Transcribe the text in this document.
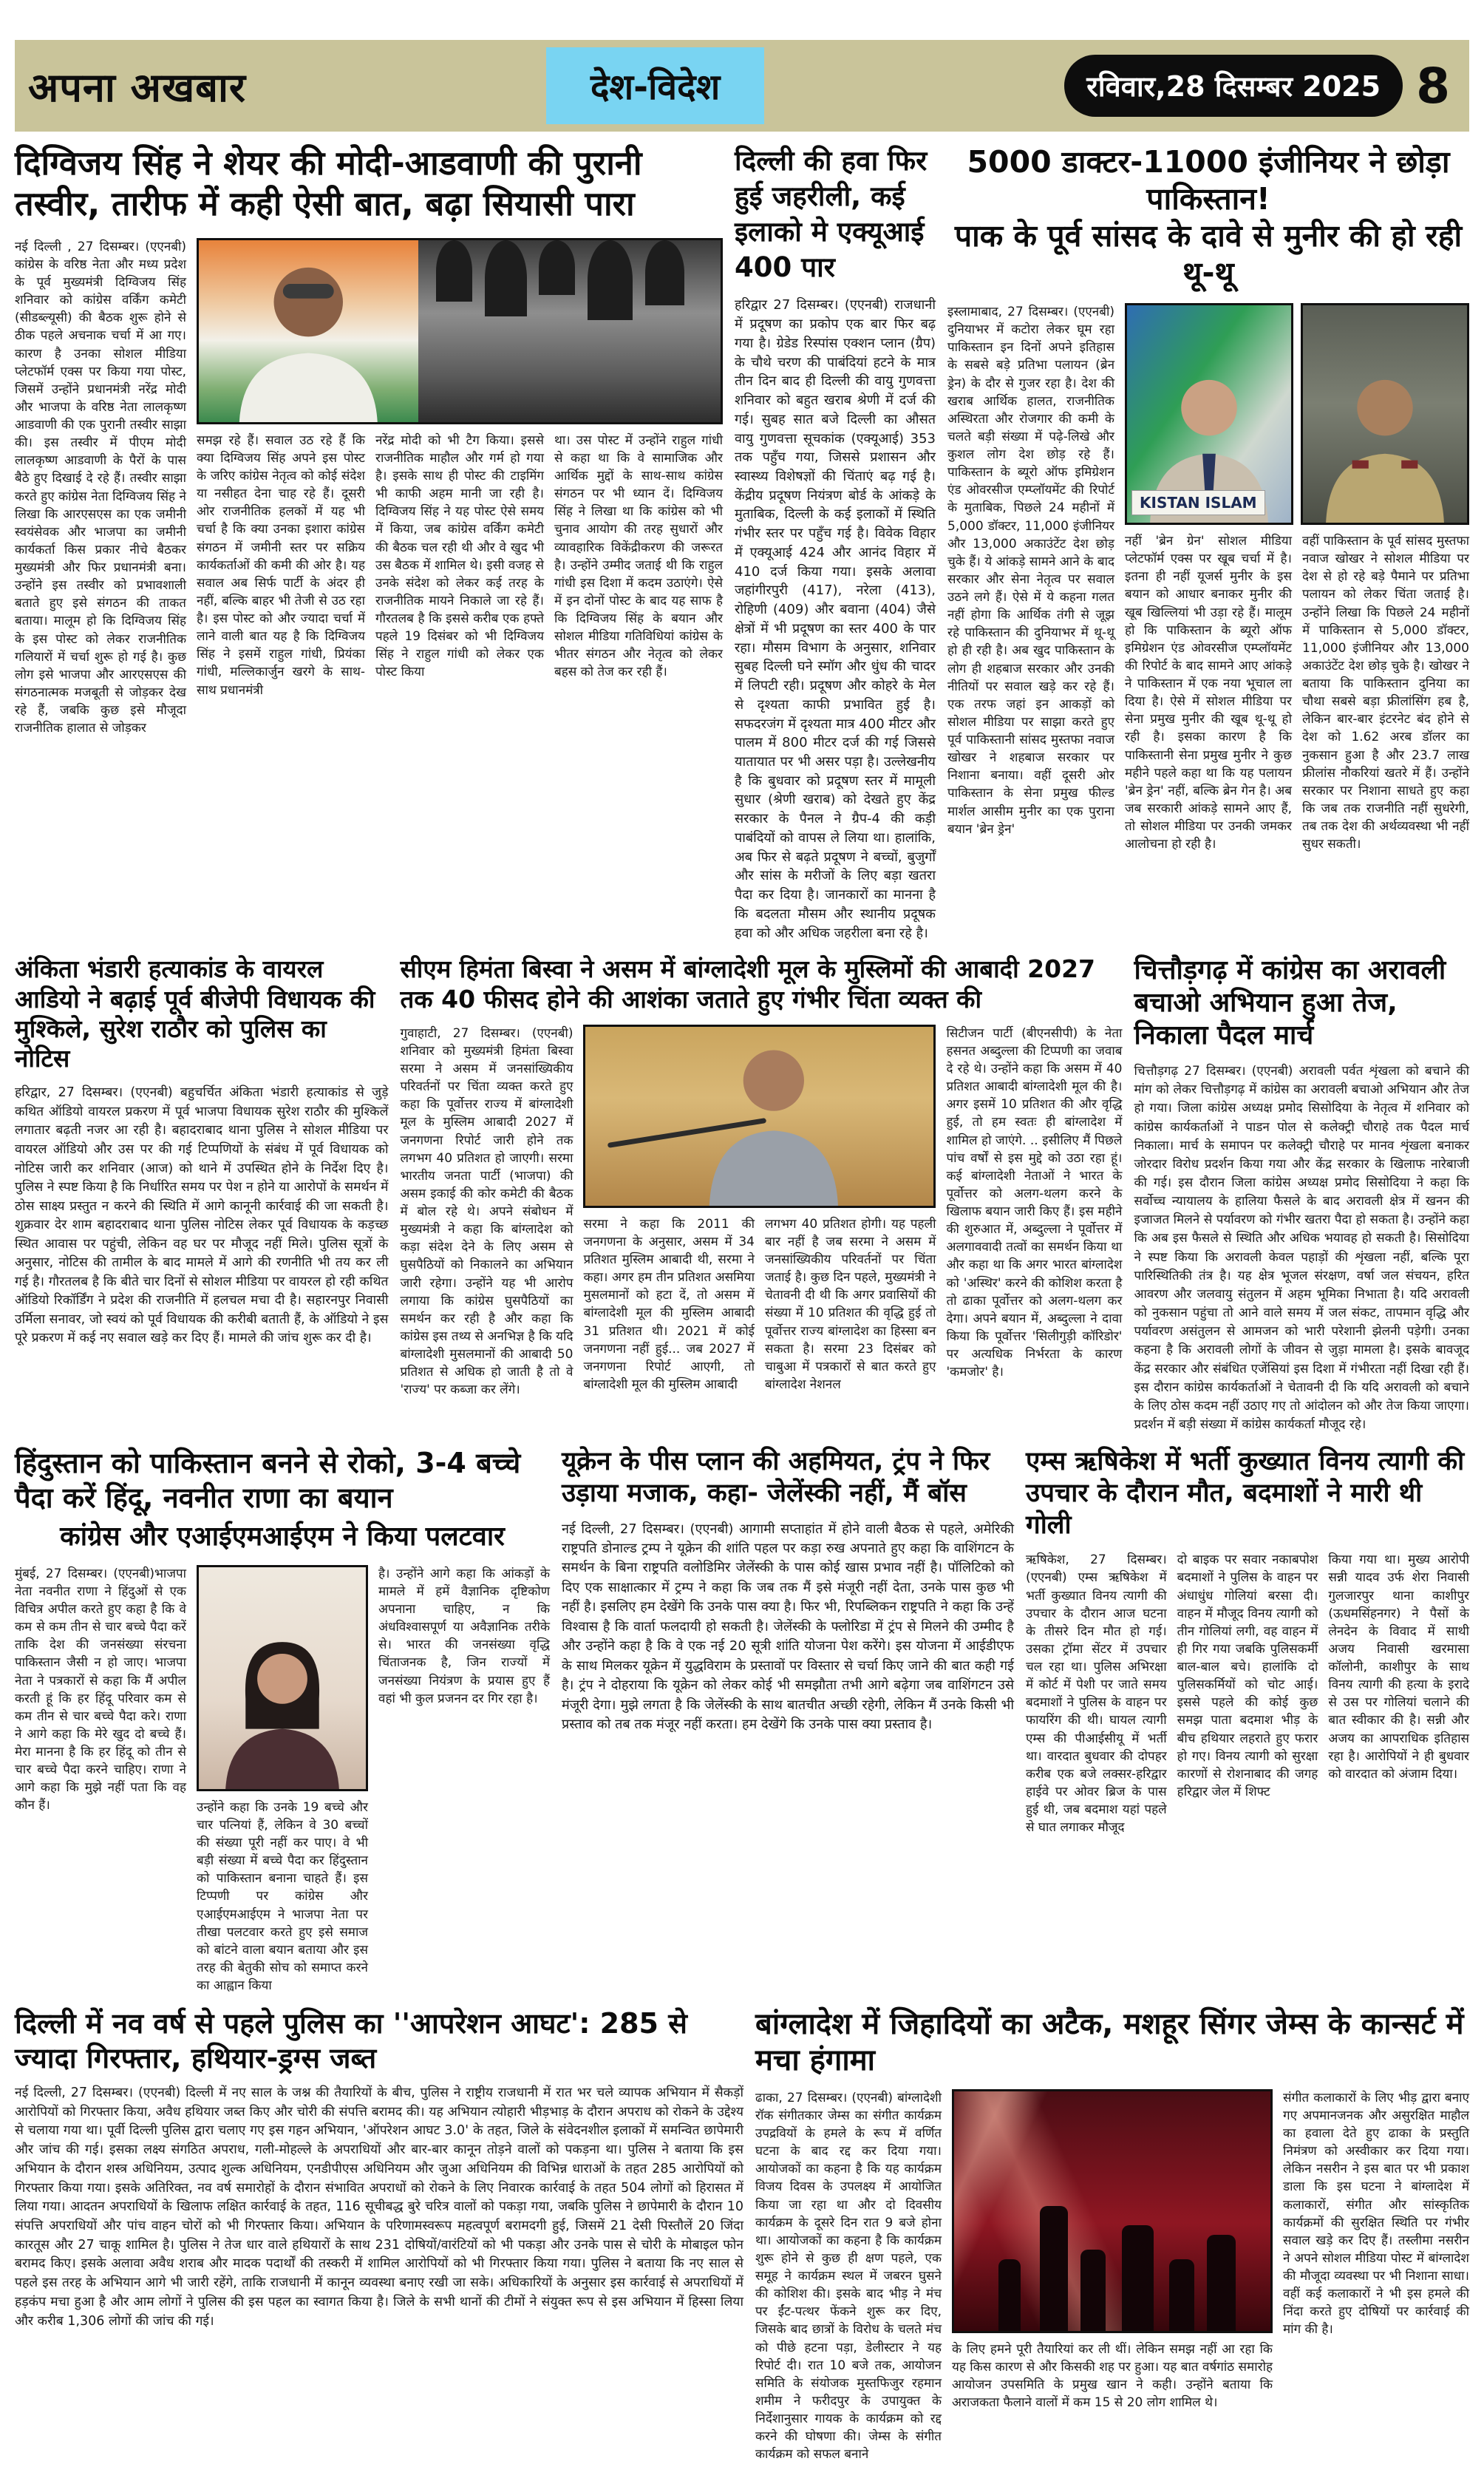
अपना अखबार	देश-विदेश	रविवार,28 दिसम्बर 2025 8
दिग्विजय सिंह ने शेयर की मोदी-आडवाणी की पुरानी तस्वीर, तारीफ में कही ऐसी बात, बढ़ा सियासी पारा
नई दिल्ली , 27 दिसम्बर। (एएनबी) कांग्रेस के वरिष्ठ नेता और मध्य प्रदेश के पूर्व मुख्यमंत्री दिग्विजय सिंह शनिवार को कांग्रेस वर्किंग कमेटी (सीडब्ल्यूसी) की बैठक शुरू होने से ठीक पहले अचनाक चर्चा में आ गए। कारण है उनका सोशल मीडिया प्लेटफॉर्म एक्स पर किया गया पोस्ट, जिसमें उन्होंने प्रधानमंत्री नरेंद्र मोदी और भाजपा के वरिष्ठ नेता लालकृष्ण आडवाणी की एक पुरानी तस्वीर साझा की। इस तस्वीर में पीएम मोदी लालकृष्ण आडवाणी के पैरों के पास बैठे हुए दिखाई दे रहे हैं। तस्वीर साझा करते हुए कांग्रेस नेता दिग्विजय सिंह ने लिखा कि आरएसएस का एक जमीनी स्वयंसेवक और भाजपा का जमीनी कार्यकर्ता किस प्रकार नीचे बैठकर मुख्यमंत्री और फिर प्रधानमंत्री बना। उन्होंने इस तस्वीर को प्रभावशाली बताते हुए इसे संगठन की ताकत बताया। मालूम हो कि दिग्विजय सिंह के इस पोस्ट को लेकर राजनीतिक गलियारों में चर्चा शुरू हो गई है। कुछ लोग इसे भाजपा और आरएसएस की संगठनात्मक मजबूती से जोड़कर देख रहे हैं, जबकि कुछ इसे मौजूदा राजनीतिक हालात से जोड़कर
समझ रहे हैं। सवाल उठ रहे हैं कि क्या दिग्विजय सिंह अपने इस पोस्ट के जरिए कांग्रेस नेतृत्व को कोई संदेश या नसीहत देना चाह रहे हैं। दूसरी ओर राजनीतिक हलकों में यह भी चर्चा है कि क्या उनका इशारा कांग्रेस संगठन में जमीनी स्तर पर सक्रिय कार्यकर्ताओं की कमी की ओर है। यह सवाल अब सिर्फ पार्टी के अंदर ही नहीं, बल्कि बाहर भी तेजी से उठ रहा है। इस पोस्ट को और ज्यादा चर्चा में लाने वाली बात यह है कि दिग्विजय सिंह ने इसमें राहुल गांधी, प्रियंका गांधी, मल्लिकार्जुन खरगे के साथ-साथ प्रधानमंत्री
नरेंद्र मोदी को भी टैग किया। इससे राजनीतिक माहौल और गर्म हो गया है। इसके साथ ही पोस्ट की टाइमिंग भी काफी अहम मानी जा रही है। दिग्विजय सिंह ने यह पोस्ट ऐसे समय में किया, जब कांग्रेस वर्किंग कमेटी की बैठक चल रही थी और वे खुद भी उस बैठक में शामिल थे। इसी वजह से उनके संदेश को लेकर कई तरह के राजनीतिक मायने निकाले जा रहे हैं। गौरतलब है कि इससे करीब एक हफ्ते पहले 19 दिसंबर को भी दिग्विजय सिंह ने राहुल गांधी को लेकर एक पोस्ट किया
था। उस पोस्ट में उन्होंने राहुल गांधी से कहा था कि वे सामाजिक और आर्थिक मुद्दों के साथ-साथ कांग्रेस संगठन पर भी ध्यान दें। दिग्विजय सिंह ने लिखा था कि कांग्रेस को भी चुनाव आयोग की तरह सुधारों और व्यावहारिक विकेंद्रीकरण की जरूरत है। उन्होंने उम्मीद जताई थी कि राहुल गांधी इस दिशा में कदम उठाएंगे। ऐसे में इन दोनों पोस्ट के बाद यह साफ है कि दिग्विजय सिंह के बयान और सोशल मीडिया गतिविधियां कांग्रेस के भीतर संगठन और नेतृत्व को लेकर बहस को तेज कर रही हैं।
दिल्ली की हवा फिर हुई जहरीली, कई इलाको मे एक्यूआई 400 पार
हरिद्वार 27 दिसम्बर। (एएनबी) राजधानी में प्रदूषण का प्रकोप एक बार फिर बढ़ गया है। ग्रेडेड रिस्पांस एक्शन प्लान (ग्रैप) के चौथे चरण की पाबंदियां हटने के मात्र तीन दिन बाद ही दिल्ली की वायु गुणवत्ता शनिवार को बहुत खराब श्रेणी में दर्ज की गई। सुबह सात बजे दिल्ली का औसत वायु गुणवत्ता सूचकांक (एक्यूआई) 353 तक पहुँच गया, जिससे प्रशासन और स्वास्थ्य विशेषज्ञों की चिंताएं बढ़ गई है। केंद्रीय प्रदूषण नियंत्रण बोर्ड के आंकड़े के मुताबिक, दिल्ली के कई इलाकों में स्थिति गंभीर स्तर पर पहुँच गई है। विवेक विहार में एक्यूआई 424 और आनंद विहार में 410 दर्ज किया गया। इसके अलावा जहांगीरपुरी (417), नरेला (413), रोहिणी (409) और बवाना (404) जैसे क्षेत्रों में भी प्रदूषण का स्तर 400 के पार रहा। मौसम विभाग के अनुसार, शनिवार सुबह दिल्ली घने स्मॉग और धुंध की चादर में लिपटी रही। प्रदूषण और कोहरे के मेल से दृश्यता काफी प्रभावित हुई है। सफदरजंग में दृश्यता मात्र 400 मीटर और पालम में 800 मीटर दर्ज की गई जिससे यातायात पर भी असर पड़ा है। उल्लेखनीय है कि बुधवार को प्रदूषण स्तर में मामूली सुधार (श्रेणी खराब) को देखते हुए केंद्र सरकार के पैनल ने ग्रैप-4 की कड़ी पाबंदियों को वापस ले लिया था। हालांकि, अब फिर से बढ़ते प्रदूषण ने बच्चों, बुजुर्गों और सांस के मरीजों के लिए बड़ा खतरा पैदा कर दिया है। जानकारों का मानना है कि बदलता मौसम और स्थानीय प्रदूषक हवा को और अधिक जहरीला बना रहे है।
5000 डाक्टर-11000 इंजीनियर ने छोड़ा पाकिस्तान!
पाक के पूर्व सांसद के दावे से मुनीर की हो रही थू-थू
इस्लामाबाद, 27 दिसम्बर। (एएनबी) दुनियाभर में कटोरा लेकर घूम रहा पाकिस्तान इन दिनों अपने इतिहास के सबसे बड़े प्रतिभा पलायन (ब्रेन ड्रेन) के दौर से गुजर रहा है। देश की खराब आर्थिक हालत, राजनीतिक अस्थिरता और रोजगार की कमी के चलते बड़ी संख्या में पढ़े-लिखे और कुशल लोग देश छोड़ रहे हैं। पाकिस्तान के ब्यूरो ऑफ इमिग्रेशन एंड ओवरसीज एम्प्लॉयमेंट की रिपोर्ट के मुताबिक, पिछले 24 महीनों में 5,000 डॉक्टर, 11,000 इंजीनियर और 13,000 अकाउंटेंट देश छोड़ चुके हैं। ये आंकड़े सामने आने के बाद सरकार और सेना नेतृत्व पर सवाल उठने लगे हैं। ऐसे में ये कहना गलत नहीं होगा कि आर्थिक तंगी से जूझ रहे पाकिस्तान की दुनियाभर में थू-थू हो ही रही है। अब खुद पाकिस्तान के लोग ही शहबाज सरकार और उनकी नीतियों पर सवाल खड़े कर रहे हैं। एक तरफ जहां इन आकड़ों को सोशल मीडिया पर साझा करते हुए पूर्व पाकिस्तानी सांसद मुस्तफा नवाज खोखर ने शहबाज सरकार पर निशाना बनाया। वहीं दूसरी ओर पाकिस्तान के सेना प्रमुख फील्ड मार्शल आसीम मुनीर का एक पुराना बयान 'ब्रेन ड्रेन'
KISTAN ISLAM
नहीं 'ब्रेन ग्रेन' सोशल मीडिया प्लेटफॉर्म एक्स पर खूब चर्चा में है। इतना ही नहीं यूजर्स मुनीर के इस बयान को आधार बनाकर मुनीर की खूब खिल्लियां भी उड़ा रहे हैं। मालूम हो कि पाकिस्तान के ब्यूरो ऑफ इमिग्रेशन एंड ओवरसीज एम्प्लॉयमेंट की रिपोर्ट के बाद सामने आए आंकड़े ने पाकिस्तान में एक नया भूचाल ला दिया है। ऐसे में सोशल मीडिया पर सेना प्रमुख मुनीर की खूब थू-थू हो रही है। इसका कारण है कि पाकिस्तानी सेना प्रमुख मुनीर ने कुछ महीने पहले कहा था कि यह पलायन 'ब्रेन ड्रेन' नहीं, बल्कि ब्रेन गेन है। अब जब सरकारी आंकड़े सामने आए हैं, तो सोशल मीडिया पर उनकी जमकर आलोचना हो रही है।
वहीं पाकिस्तान के पूर्व सांसद मुस्तफा नवाज खोखर ने सोशल मीडिया पर देश से हो रहे बड़े पैमाने पर प्रतिभा पलायन को लेकर चिंता जताई है। उन्होंने लिखा कि पिछले 24 महीनों में पाकिस्तान से 5,000 डॉक्टर, 11,000 इंजीनियर और 13,000 अकाउंटेंट देश छोड़ चुके है। खोखर ने बताया कि पाकिस्तान दुनिया का चौथा सबसे बड़ा फ्रीलांसिंग हब है, लेकिन बार-बार इंटरनेट बंद होने से देश को 1.62 अरब डॉलर का नुकसान हुआ है और 23.7 लाख फ्रीलांस नौकरियां खतरे में हैं। उन्होंने सरकार पर निशाना साधते हुए कहा कि जब तक राजनीति नहीं सुधरेगी, तब तक देश की अर्थव्यवस्था भी नहीं सुधर सकती।
अंकिता भंडारी हत्याकांड के वायरल आडियो ने बढ़ाई पूर्व बीजेपी विधायक की मुश्किले, सुरेश राठौर को पुलिस का नोटिस
हरिद्वार, 27 दिसम्बर। (एएनबी) बहुचर्चित अंकिता भंडारी हत्याकांड से जुड़े कथित ऑडियो वायरल प्रकरण में पूर्व भाजपा विधायक सुरेश राठौर की मुश्किलें लगातार बढ़ती नजर आ रही है। बहादराबाद थाना पुलिस ने सोशल मीडिया पर वायरल ऑडियो और उस पर की गई टिप्पणियों के संबंध में पूर्व विधायक को नोटिस जारी कर शनिवार (आज) को थाने में उपस्थित होने के निर्देश दिए है। पुलिस ने स्पष्ट किया है कि निर्धारित समय पर पेश न होने या आरोपों के समर्थन में ठोस साक्ष्य प्रस्तुत न करने की स्थिति में आगे कानूनी कार्रवाई की जा सकती है। शुक्रवार देर शाम बहादराबाद थाना पुलिस नोटिस लेकर पूर्व विधायक के कड़च्छ स्थित आवास पर पहुंची, लेकिन वह घर पर मौजूद नहीं मिले। पुलिस सूत्रों के अनुसार, नोटिस की तामील के बाद मामले में आगे की रणनीति भी तय कर ली गई है। गौरतलब है कि बीते चार दिनों से सोशल मीडिया पर वायरल हो रही कथित ऑडियो रिकॉर्डिंग ने प्रदेश की राजनीति में हलचल मचा दी है। सहारनपुर निवासी उर्मिला सनावर, जो स्वयं को पूर्व विधायक की करीबी बताती हैं, के ऑडियो ने इस पूरे प्रकरण में कई नए सवाल खड़े कर दिए हैं। मामले की जांच शुरू कर दी है।
सीएम हिमंता बिस्वा ने असम में बांग्लादेशी मूल के मुस्लिमों की आबादी 2027 तक 40 फीसद होने की आशंका जताते हुए गंभीर चिंता व्यक्त की
गुवाहाटी, 27 दिसम्बर। (एएनबी) शनिवार को मुख्यमंत्री हिमंता बिस्वा सरमा ने असम में जनसांख्यिकीय परिवर्तनों पर चिंता व्यक्त करते हुए कहा कि पूर्वोत्तर राज्य में बांग्लादेशी मूल के मुस्लिम आबादी 2027 में जनगणना रिपोर्ट जारी होने तक लगभग 40 प्रतिशत हो जाएगी। सरमा भारतीय जनता पार्टी (भाजपा) की असम इकाई की कोर कमेटी की बैठक में बोल रहे थे। अपने संबोधन में मुख्यमंत्री ने कहा कि बांग्लादेश को कड़ा संदेश देने के लिए असम से घुसपैठियों को निकालने का अभियान जारी रहेगा। उन्होंने यह भी आरोप लगाया कि कांग्रेस घुसपैठियों का समर्थन कर रही है और कहा कि कांग्रेस इस तथ्य से अनभिज्ञ है कि यदि बांग्लादेशी मुसलमानों की आबादी 50 प्रतिशत से अधिक हो जाती है तो वे 'राज्य' पर कब्जा कर लेंगे।
सरमा ने कहा कि 2011 की जनगणना के अनुसार, असम में 34 प्रतिशत मुस्लिम आबादी थी, सरमा ने कहा। अगर हम तीन प्रतिशत असमिया मुसलमानों को हटा दें, तो असम में बांग्लादेशी मूल की मुस्लिम आबादी 31 प्रतिशत थी। 2021 में कोई जनगणना नहीं हुई... जब 2027 में जनगणना रिपोर्ट आएगी, तो बांग्लादेशी मूल की मुस्लिम आबादी
लगभग 40 प्रतिशत होगी। यह पहली बार नहीं है जब सरमा ने असम में जनसांख्यिकीय परिवर्तनों पर चिंता जताई है। कुछ दिन पहले, मुख्यमंत्री ने चेतावनी दी थी कि अगर प्रवासियों की संख्या में 10 प्रतिशत की वृद्धि हुई तो पूर्वोत्तर राज्य बांग्लादेश का हिस्सा बन सकता है। सरमा 23 दिसंबर को चाबुआ में पत्रकारों से बात करते हुए बांग्लादेश नेशनल
सिटीजन पार्टी (बीएनसीपी) के नेता हसनत अब्दुल्ला की टिप्पणी का जवाब दे रहे थे। उन्होंने कहा कि असम में 40 प्रतिशत आबादी बांग्लादेशी मूल की है। अगर इसमें 10 प्रतिशत की और वृद्धि हुई, तो हम स्वतः ही बांग्लादेश में शामिल हो जाएंगे. .. इसीलिए मैं पिछले पांच वर्षों से इस मुद्दे को उठा रहा हूं। कई बांग्लादेशी नेताओं ने भारत के पूर्वोत्तर को अलग-थलग करने के खिलाफ बयान जारी किए हैं। इस महीने की शुरुआत में, अब्दुल्ला ने पूर्वोत्तर में अलगाववादी तत्वों का समर्थन किया था और कहा था कि अगर भारत बांग्लादेश को 'अस्थिर' करने की कोशिश करता है तो ढाका पूर्वोत्तर को अलग-थलग कर देगा। अपने बयान में, अब्दुल्ला ने दावा किया कि पूर्वोत्तर 'सिलीगुड़ी कॉरिडोर' पर अत्यधिक निर्भरता के कारण 'कमजोर' है।
चित्तौड़गढ़ में कांग्रेस का अरावली बचाओ अभियान हुआ तेज, निकाला पैदल मार्च
चित्तौड़गढ़ 27 दिसम्बर। (एएनबी) अरावली पर्वत शृंखला को बचाने की मांग को लेकर चित्तौड़गढ़ में कांग्रेस का अरावली बचाओ अभियान और तेज हो गया। जिला कांग्रेस अध्यक्ष प्रमोद सिसोदिया के नेतृत्व में शनिवार को कांग्रेस कार्यकर्ताओं ने पाडन पोल से कलेक्ट्री चौराहे तक पैदल मार्च निकाला। मार्च के समापन पर कलेक्ट्री चौराहे पर मानव शृंखला बनाकर जोरदार विरोध प्रदर्शन किया गया और केंद्र सरकार के खिलाफ नारेबाजी की गई। इस दौरान जिला कांग्रेस अध्यक्ष प्रमोद सिसोदिया ने कहा कि सर्वोच्च न्यायालय के हालिया फैसले के बाद अरावली क्षेत्र में खनन की इजाजत मिलने से पर्यावरण को गंभीर खतरा पैदा हो सकता है। उन्होंने कहा कि अब इस फैसले से स्थिति और अधिक भयावह हो सकती है। सिसोदिया ने स्पष्ट किया कि अरावली केवल पहाड़ों की शृंखला नहीं, बल्कि पूरा पारिस्थितिकी तंत्र है। यह क्षेत्र भूजल संरक्षण, वर्षा जल संचयन, हरित आवरण और जलवायु संतुलन में अहम भूमिका निभाता है। यदि अरावली को नुकसान पहुंचा तो आने वाले समय में जल संकट, तापमान वृद्धि और पर्यावरण असंतुलन से आमजन को भारी परेशानी झेलनी पड़ेगी। उनका कहना है कि अरावली लोगों के जीवन से जुड़ा मामला है। इसके बावजूद केंद्र सरकार और संबंधित एजेंसियां इस दिशा में गंभीरता नहीं दिखा रही हैं। इस दौरान कांग्रेस कार्यकर्ताओं ने चेतावनी दी कि यदि अरावली को बचाने के लिए ठोस कदम नहीं उठाए गए तो आंदोलन को और तेज किया जाएगा। प्रदर्शन में बड़ी संख्या में कांग्रेस कार्यकर्ता मौजूद रहे।
हिंदुस्तान को पाकिस्तान बनने से रोको, 3-4 बच्चे पैदा करें हिंदू, नवनीत राणा का बयान
कांग्रेस और एआईएमआईएम ने किया पलटवार
मुंबई, 27 दिसम्बर। (एएनबी)भाजपा नेता नवनीत राणा ने हिंदुओं से एक विचित्र अपील करते हुए कहा है कि वे कम से कम तीन से चार बच्चे पैदा करें ताकि देश की जनसंख्या संरचना पाकिस्तान जैसी न हो जाए। भाजपा नेता ने पत्रकारों से कहा कि मैं अपील करती हूं कि हर हिंदू परिवार कम से कम तीन से चार बच्चे पैदा करे। राणा ने आगे कहा कि मेरे खुद दो बच्चे हैं। मेरा मानना है कि हर हिंदू को तीन से चार बच्चे पैदा करने चाहिए। राणा ने आगे कहा कि मुझे नहीं पता कि वह कौन हैं।	उन्होंने कहा कि उनके 19 बच्चे और चार पत्नियां हैं, लेकिन वे 30 बच्चों की संख्या पूरी नहीं कर पाए। वे भी बड़ी संख्या में बच्चे पैदा कर हिंदुस्तान को पाकिस्तान बनाना चाहते हैं। इस टिप्पणी पर कांग्रेस और एआईएमआईएम ने भाजपा नेता पर तीखा पलटवार करते हुए इसे समाज को बांटने वाला बयान बताया और इस तरह की बेतुकी सोच को समाप्त करने का आह्वान किया
है। उन्होंने आगे कहा कि आंकड़ों के मामले में हमें वैज्ञानिक दृष्टिकोण अपनाना चाहिए, न कि अंधविश्वासपूर्ण या अवैज्ञानिक तरीके से। भारत की जनसंख्या वृद्धि चिंताजनक है, जिन राज्यों में जनसंख्या नियंत्रण के प्रयास हुए हैं वहां भी कुल प्रजनन दर गिर रहा है।
यूक्रेन के पीस प्लान की अहमियत, ट्रंप ने फिर उड़ाया मजाक, कहा- जेलेंस्की नहीं, मैं बॉस
नई दिल्ली, 27 दिसम्बर। (एएनबी) आगामी सप्ताहांत में होने वाली बैठक से पहले, अमेरिकी राष्ट्रपति डोनाल्ड ट्रम्प ने यूक्रेन की शांति पहल पर कड़ा रुख अपनाते हुए कहा कि वाशिंगटन के समर्थन के बिना राष्ट्रपति वलोडिमिर जेलेंस्की के पास कोई खास प्रभाव नहीं है। पॉलिटिको को दिए एक साक्षात्कार में ट्रम्प ने कहा कि जब तक मैं इसे मंजूरी नहीं देता, उनके पास कुछ भी नहीं है। इसलिए हम देखेंगे कि उनके पास क्या है। फिर भी, रिपब्लिकन राष्ट्रपति ने कहा कि उन्हें विश्वास है कि वार्ता फलदायी हो सकती है। जेलेंस्की के फ्लोरिडा में ट्रंप से मिलने की उम्मीद है और उन्होंने कहा है कि वे एक नई 20 सूत्री शांति योजना पेश करेंगे। इस योजना में आईडीएफ के साथ मिलकर यूक्रेन में युद्धविराम के प्रस्तावों पर विस्तार से चर्चा किए जाने की बात कही गई है। ट्रंप ने दोहराया कि यूक्रेन को लेकर कोई भी समझौता तभी आगे बढ़ेगा जब वाशिंगटन उसे मंजूरी देगा। मुझे लगता है कि जेलेंस्की के साथ बातचीत अच्छी रहेगी, लेकिन मैं उनके किसी भी प्रस्ताव को तब तक मंजूर नहीं करता। हम देखेंगे कि उनके पास क्या प्रस्ताव है।
एम्स ऋषिकेश में भर्ती कुख्यात विनय त्यागी की उपचार के दौरान मौत, बदमाशों ने मारी थी गोली
ऋषिकेश, 27 दिसम्बर। (एएनबी) एम्स ऋषिकेश में भर्ती कुख्यात विनय त्यागी की उपचार के दौरान आज घटना के तीसरे दिन मौत हो गई। उसका ट्रॉमा सेंटर में उपचार चल रहा था। पुलिस अभिरक्षा में कोर्ट में पेशी पर जाते समय बदमाशों ने पुलिस के वाहन पर फायरिंग की थी। घायल त्यागी एम्स की पीआईसीयू में भर्ती था। वारदात बुधवार की दोपहर करीब एक बजे लक्सर-हरिद्वार हाईवे पर ओवर ब्रिज के पास हुई थी, जब बदमाश यहां पहले से घात लगाकर मौजूद
दो बाइक पर सवार नकाबपोश बदमाशों ने पुलिस के वाहन पर अंधाधुंध गोलियां बरसा दी। वाहन में मौजूद विनय त्यागी को तीन गोलियां लगी, वह वाहन में ही गिर गया जबकि पुलिसकर्मी बाल-बाल बचे। हालांकि दो पुलिसकर्मियों को चोट आई। इससे पहले की कोई कुछ समझ पाता बदमाश भीड़ के बीच हथियार लहराते हुए फरार हो गए। विनय त्यागी को सुरक्षा कारणों से रोशनाबाद की जगह हरिद्वार जेल में शिफ्ट
किया गया था। मुख्य आरोपी सन्नी यादव उर्फ शेरा निवासी गुलजारपुर थाना काशीपुर (ऊधमसिंहनगर) ने पैसों के लेनदेन के विवाद में साथी अजय निवासी खरमासा कॉलोनी, काशीपुर के साथ विनय त्यागी की हत्या के इरादे से उस पर गोलियां चलाने की बात स्वीकार की है। सन्नी और अजय का आपराधिक इतिहास रहा है। आरोपियों ने ही बुधवार को वारदात को अंजाम दिया।
दिल्ली में नव वर्ष से पहले पुलिस का ''आपरेशन आघट': 285 से ज्यादा गिरफ्तार, हथियार-ड्रग्स जब्त
नई दिल्ली, 27 दिसम्बर। (एएनबी) दिल्ली में नए साल के जश्न की तैयारियों के बीच, पुलिस ने राष्ट्रीय राजधानी में रात भर चले व्यापक अभियान में सैकड़ों आरोपियों को गिरफ्तार किया, अवैध हथियार जब्त किए और चोरी की संपत्ति बरामद की। यह अभियान त्योहारी भीड़भाड़ के दौरान अपराध को रोकने के उद्देश्य से चलाया गया था। पूर्वी दिल्ली पुलिस द्वारा चलाए गए इस गहन अभियान, 'ऑपरेशन आघट 3.0' के तहत, जिले के संवेदनशील इलाकों में समन्वित छापेमारी और जांच की गई। इसका लक्ष्य संगठित अपराध, गली-मोहल्ले के अपराधियों और बार-बार कानून तोड़ने वालों को पकड़ना था। पुलिस ने बताया कि इस अभियान के दौरान शस्त्र अधिनियम, उत्पाद शुल्क अधिनियम, एनडीपीएस अधिनियम और जुआ अधिनियम की विभिन्न धाराओं के तहत 285 आरोपियों को गिरफ्तार किया गया। इसके अतिरिक्त, नव वर्ष समारोहों के दौरान संभावित अपराधों को रोकने के लिए निवारक कार्रवाई के तहत 504 लोगों को हिरासत में लिया गया। आदतन अपराधियों के खिलाफ लक्षित कार्रवाई के तहत, 116 सूचीबद्ध बुरे चरित्र वालों को पकड़ा गया, जबकि पुलिस ने छापेमारी के दौरान 10 संपत्ति अपराधियों और पांच वाहन चोरों को भी गिरफ्तार किया। अभियान के परिणामस्वरूप महत्वपूर्ण बरामदगी हुई, जिसमें 21 देसी पिस्तौलें 20 जिंदा कारतूस और 27 चाकू शामिल है। पुलिस ने तेज धार वाले हथियारों के साथ 231 दोषियों/वारंटियों को भी पकड़ा और उनके पास से चोरी के मोबाइल फोन बरामद किए। इसके अलावा अवैध शराब और मादक पदार्थों की तस्करी में शामिल आरोपियों को भी गिरफ्तार किया गया। पुलिस ने बताया कि नए साल से पहले इस तरह के अभियान आगे भी जारी रहेंगे, ताकि राजधानी में कानून व्यवस्था बनाए रखी जा सके। अधिकारियों के अनुसार इस कार्रवाई से अपराधियों में हड़कंप मचा हुआ है और आम लोगों ने पुलिस की इस पहल का स्वागत किया है। जिले के सभी थानों की टीमों ने संयुक्त रूप से इस अभियान में हिस्सा लिया और करीब 1,306 लोगों की जांच की गई।
बांग्लादेश में जिहादियों का अटैक, मशहूर सिंगर जेम्स के कान्सर्ट में मचा हंगामा
ढाका, 27 दिसम्बर। (एएनबी) बांग्लादेशी रॉक संगीतकार जेम्स का संगीत कार्यक्रम उपद्रवियों के हमले के रूप में वर्णित घटना के बाद रद्द कर दिया गया। आयोजकों का कहना है कि यह कार्यक्रम विजय दिवस के उपलक्ष्य में आयोजित किया जा रहा था और दो दिवसीय कार्यक्रम के दूसरे दिन रात 9 बजे होना था। आयोजकों का कहना है कि कार्यक्रम शुरू होने से कुछ ही क्षण पहले, एक समूह ने कार्यक्रम स्थल में जबरन घुसने की कोशिश की। इसके बाद भीड़ ने मंच पर ईंट-पत्थर फेंकने शुरू कर दिए, जिसके बाद छात्रों के विरोध के चलते मंच को पीछे हटना पड़ा, डेलीस्टार ने यह रिपोर्ट दी। रात 10 बजे तक, आयोजन समिति के संयोजक मुस्तफिजुर रहमान शमीम ने फरीदपुर के उपायुक्त के निर्देशानुसार गायक के कार्यक्रम को रद्द करने की घोषणा की। जेम्स के संगीत कार्यक्रम को सफल बनाने
के लिए हमने पूरी तैयारियां कर ली थीं। लेकिन समझ नहीं आ रहा कि यह किस कारण से और किसकी शह पर हुआ। यह बात वर्षगांठ समारोह आयोजन उपसमिति के प्रमुख खान ने कही। उन्होंने बताया कि अराजकता फैलाने वालों में कम 15 से 20 लोग शामिल थे।
संगीत कलाकारों के लिए भीड़ द्वारा बनाए गए अपमानजनक और असुरक्षित माहौल का हवाला देते हुए ढाका के प्रस्तुति निमंत्रण को अस्वीकार कर दिया गया। लेकिन नसरीन ने इस बात पर भी प्रकाश डाला कि इस घटना ने बांग्लादेश में कलाकारों, संगीत और सांस्कृतिक कार्यक्रमों की सुरक्षित स्थिति पर गंभीर सवाल खड़े कर दिए हैं। तस्लीमा नसरीन ने अपने सोशल मीडिया पोस्ट में बांग्लादेश की मौजूदा व्यवस्था पर भी निशाना साधा। वहीं कई कलाकारों ने भी इस हमले की निंदा करते हुए दोषियों पर कार्रवाई की मांग की है।
